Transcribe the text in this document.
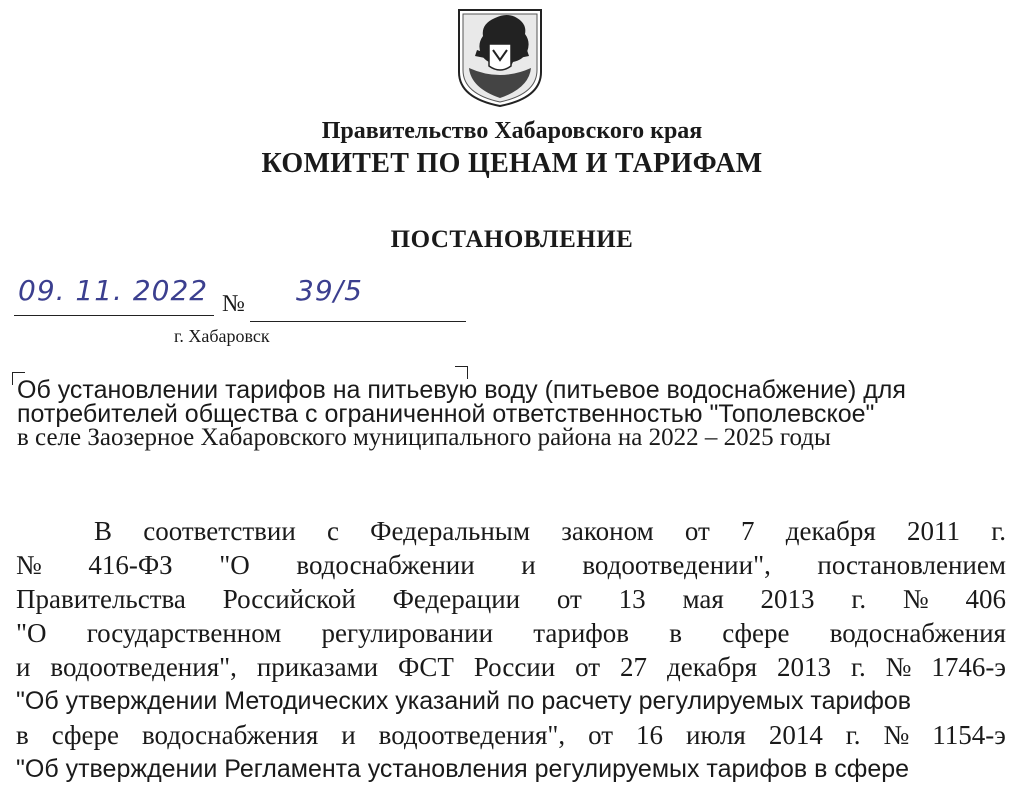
Правительство Хабаровского края
КОМИТЕТ ПО ЦЕНАМ И ТАРИФАМ
ПОСТАНОВЛЕНИЕ
09. 11. 2022 № 39/5
г. Хабаровск
Об установлении тарифов на питьевую воду (питьевое водоснабжение) для
потребителей общества с ограниченной ответственностью "Тополевское"
в селе Заозерное Хабаровского муниципального района на 2022 – 2025 годы
В соответствии с Федеральным законом от 7 декабря 2011 г.
№ 416-ФЗ "О водоснабжении и водоотведении", постановлением
Правительства Российской Федерации от 13 мая 2013 г. № 406
"О государственном регулировании тарифов в сфере водоснабжения
и водоотведения", приказами ФСТ России от 27 декабря 2013 г. № 1746-э
"Об утверждении Методических указаний по расчету регулируемых тарифов
в сфере водоснабжения и водоотведения", от 16 июля 2014 г. № 1154-э
"Об утверждении Регламента установления регулируемых тарифов в сфере
